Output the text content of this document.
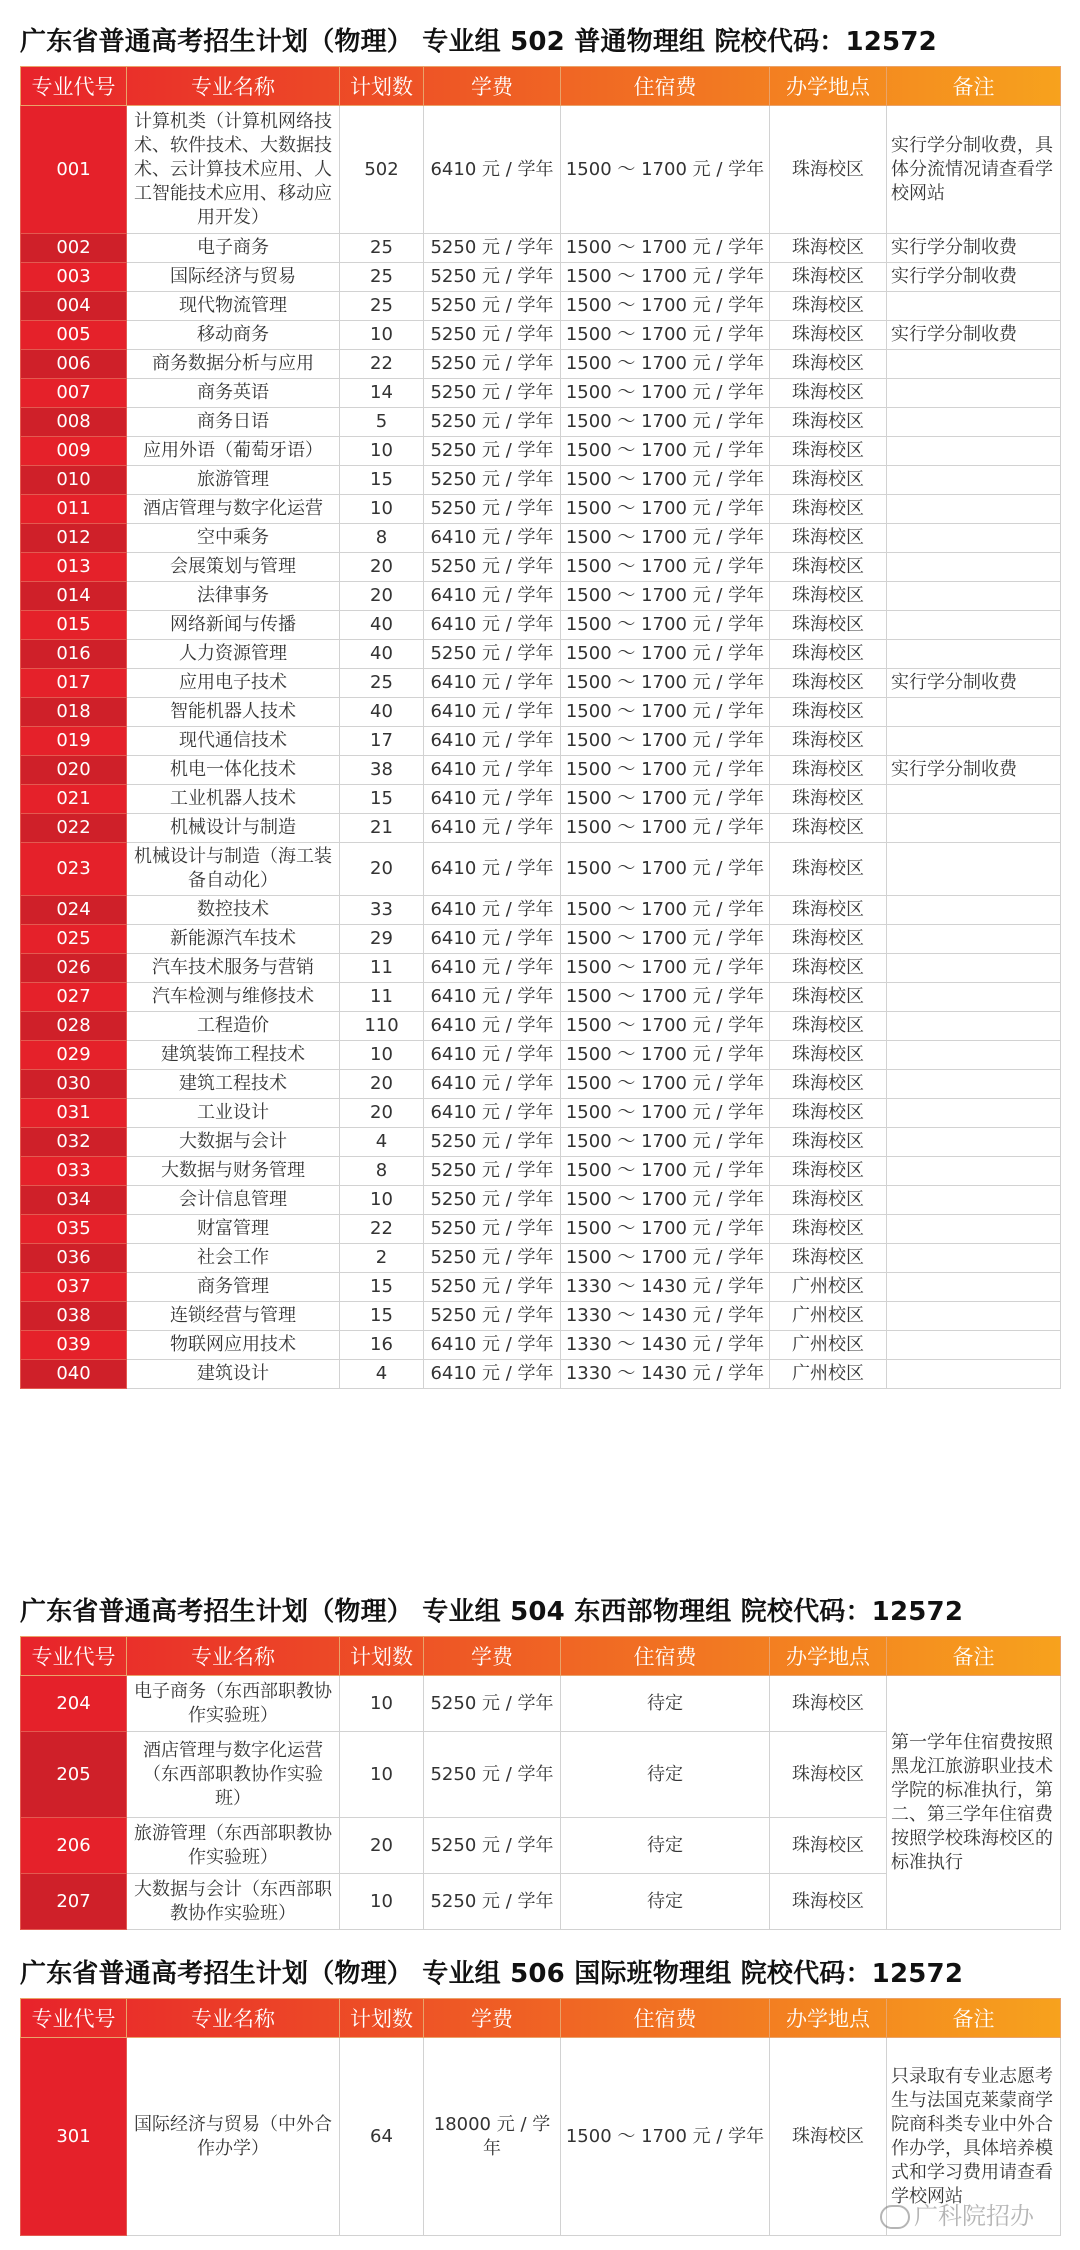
广东省普通高考招生计划（物理） 专业组 502 普通物理组 院校代码：12572
专业代号	专业名称	计划数	学费	住宿费	办学地点	备注
001	计算机类（计算机网络技术、软件技术、大数据技术、云计算技术应用、人工智能技术应用、移动应用开发）	502	6410 元 / 学年	1500 ～ 1700 元 / 学年	珠海校区	实行学分制收费，具体分流情况请查看学校网站
002	电子商务	25	5250 元 / 学年	1500 ～ 1700 元 / 学年	珠海校区	实行学分制收费
003	国际经济与贸易	25	5250 元 / 学年	1500 ～ 1700 元 / 学年	珠海校区	实行学分制收费
004	现代物流管理	25	5250 元 / 学年	1500 ～ 1700 元 / 学年	珠海校区	
005	移动商务	10	5250 元 / 学年	1500 ～ 1700 元 / 学年	珠海校区	实行学分制收费
006	商务数据分析与应用	22	5250 元 / 学年	1500 ～ 1700 元 / 学年	珠海校区	
007	商务英语	14	5250 元 / 学年	1500 ～ 1700 元 / 学年	珠海校区	
008	商务日语	5	5250 元 / 学年	1500 ～ 1700 元 / 学年	珠海校区	
009	应用外语（葡萄牙语）	10	5250 元 / 学年	1500 ～ 1700 元 / 学年	珠海校区	
010	旅游管理	15	5250 元 / 学年	1500 ～ 1700 元 / 学年	珠海校区	
011	酒店管理与数字化运营	10	5250 元 / 学年	1500 ～ 1700 元 / 学年	珠海校区	
012	空中乘务	8	6410 元 / 学年	1500 ～ 1700 元 / 学年	珠海校区	
013	会展策划与管理	20	5250 元 / 学年	1500 ～ 1700 元 / 学年	珠海校区	
014	法律事务	20	6410 元 / 学年	1500 ～ 1700 元 / 学年	珠海校区	
015	网络新闻与传播	40	6410 元 / 学年	1500 ～ 1700 元 / 学年	珠海校区	
016	人力资源管理	40	5250 元 / 学年	1500 ～ 1700 元 / 学年	珠海校区	
017	应用电子技术	25	6410 元 / 学年	1500 ～ 1700 元 / 学年	珠海校区	实行学分制收费
018	智能机器人技术	40	6410 元 / 学年	1500 ～ 1700 元 / 学年	珠海校区	
019	现代通信技术	17	6410 元 / 学年	1500 ～ 1700 元 / 学年	珠海校区	
020	机电一体化技术	38	6410 元 / 学年	1500 ～ 1700 元 / 学年	珠海校区	实行学分制收费
021	工业机器人技术	15	6410 元 / 学年	1500 ～ 1700 元 / 学年	珠海校区	
022	机械设计与制造	21	6410 元 / 学年	1500 ～ 1700 元 / 学年	珠海校区	
023	机械设计与制造（海工装备自动化）	20	6410 元 / 学年	1500 ～ 1700 元 / 学年	珠海校区	
024	数控技术	33	6410 元 / 学年	1500 ～ 1700 元 / 学年	珠海校区	
025	新能源汽车技术	29	6410 元 / 学年	1500 ～ 1700 元 / 学年	珠海校区	
026	汽车技术服务与营销	11	6410 元 / 学年	1500 ～ 1700 元 / 学年	珠海校区	
027	汽车检测与维修技术	11	6410 元 / 学年	1500 ～ 1700 元 / 学年	珠海校区	
028	工程造价	110	6410 元 / 学年	1500 ～ 1700 元 / 学年	珠海校区	
029	建筑装饰工程技术	10	6410 元 / 学年	1500 ～ 1700 元 / 学年	珠海校区	
030	建筑工程技术	20	6410 元 / 学年	1500 ～ 1700 元 / 学年	珠海校区	
031	工业设计	20	6410 元 / 学年	1500 ～ 1700 元 / 学年	珠海校区	
032	大数据与会计	4	5250 元 / 学年	1500 ～ 1700 元 / 学年	珠海校区	
033	大数据与财务管理	8	5250 元 / 学年	1500 ～ 1700 元 / 学年	珠海校区	
034	会计信息管理	10	5250 元 / 学年	1500 ～ 1700 元 / 学年	珠海校区	
035	财富管理	22	5250 元 / 学年	1500 ～ 1700 元 / 学年	珠海校区	
036	社会工作	2	5250 元 / 学年	1500 ～ 1700 元 / 学年	珠海校区	
037	商务管理	15	5250 元 / 学年	1330 ～ 1430 元 / 学年	广州校区	
038	连锁经营与管理	15	5250 元 / 学年	1330 ～ 1430 元 / 学年	广州校区	
039	物联网应用技术	16	6410 元 / 学年	1330 ～ 1430 元 / 学年	广州校区	
040	建筑设计	4	6410 元 / 学年	1330 ～ 1430 元 / 学年	广州校区	
广东省普通高考招生计划（物理） 专业组 504 东西部物理组 院校代码：12572
专业代号	专业名称	计划数	学费	住宿费	办学地点	备注
204	电子商务（东西部职教协作实验班）	10	5250 元 / 学年	待定	珠海校区	第一学年住宿费按照黑龙江旅游职业技术学院的标准执行，第二、第三学年住宿费按照学校珠海校区的标准执行
205	酒店管理与数字化运营（东西部职教协作实验班）	10	5250 元 / 学年	待定	珠海校区	
206	旅游管理（东西部职教协作实验班）	20	5250 元 / 学年	待定	珠海校区	
207	大数据与会计（东西部职教协作实验班）	10	5250 元 / 学年	待定	珠海校区	
广东省普通高考招生计划（物理） 专业组 506 国际班物理组 院校代码：12572
专业代号	专业名称	计划数	学费	住宿费	办学地点	备注
301	国际经济与贸易（中外合作办学）	64	18000 元 / 学年	1500 ～ 1700 元 / 学年	珠海校区	只录取有专业志愿考生与法国克莱蒙商学院商科类专业中外合作办学，具体培养模式和学习费用请查看学校网站
广科院招办
